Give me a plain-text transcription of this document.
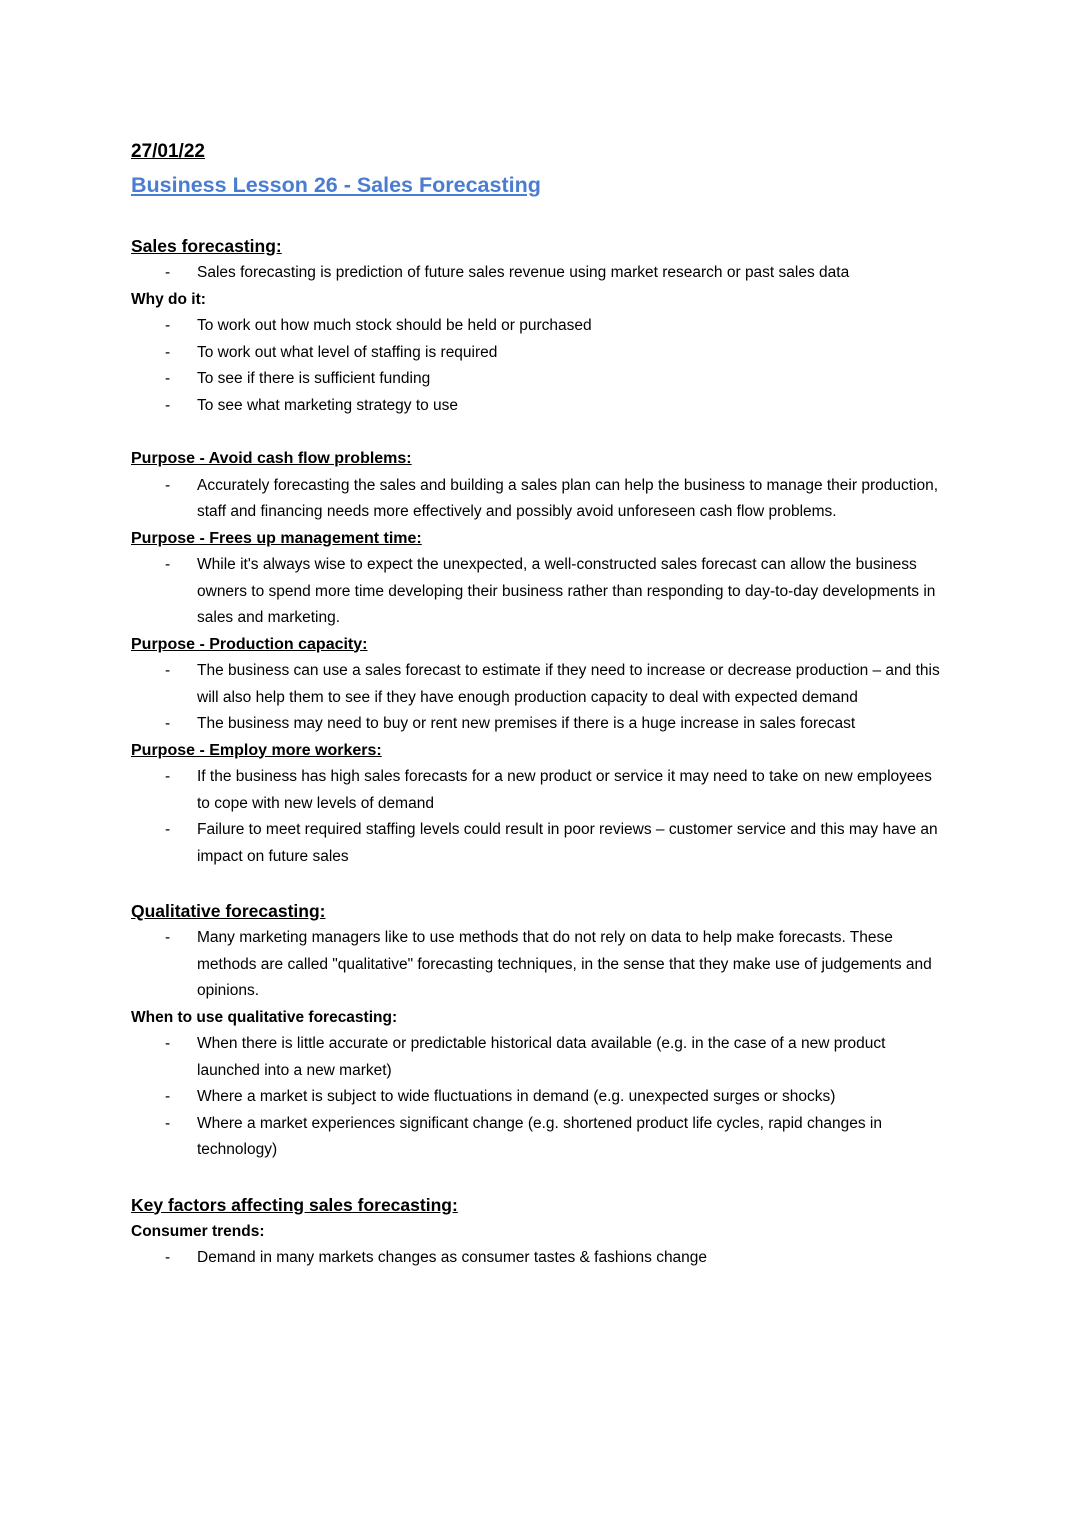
27/01/22
Business Lesson 26 - Sales Forecasting
Sales forecasting:
- Sales forecasting is prediction of future sales revenue using market research or past sales data
Why do it:
- To work out how much stock should be held or purchased
- To work out what level of staffing is required
- To see if there is sufficient funding
- To see what marketing strategy to use
Purpose - Avoid cash flow problems:
- Accurately forecasting the sales and building a sales plan can help the business to manage their production, staff and financing needs more effectively and possibly avoid unforeseen cash flow problems.
Purpose - Frees up management time:
- While it's always wise to expect the unexpected, a well-constructed sales forecast can allow the business owners to spend more time developing their business rather than responding to day-to-day developments in sales and marketing.
Purpose - Production capacity:
- The business can use a sales forecast to estimate if they need to increase or decrease production – and this will also help them to see if they have enough production capacity to deal with expected demand
- The business may need to buy or rent new premises if there is a huge increase in sales forecast
Purpose - Employ more workers:
- If the business has high sales forecasts for a new product or service it may need to take on new employees to cope with new levels of demand
- Failure to meet required staffing levels could result in poor reviews – customer service and this may have an impact on future sales
Qualitative forecasting:
- Many marketing managers like to use methods that do not rely on data to help make forecasts. These methods are called "qualitative" forecasting techniques, in the sense that they make use of judgements and opinions.
When to use qualitative forecasting:
- When there is little accurate or predictable historical data available (e.g. in the case of a new product launched into a new market)
- Where a market is subject to wide fluctuations in demand (e.g. unexpected surges or shocks)
- Where a market experiences significant change (e.g. shortened product life cycles, rapid changes in technology)
Key factors affecting sales forecasting:
Consumer trends:
- Demand in many markets changes as consumer tastes & fashions change
